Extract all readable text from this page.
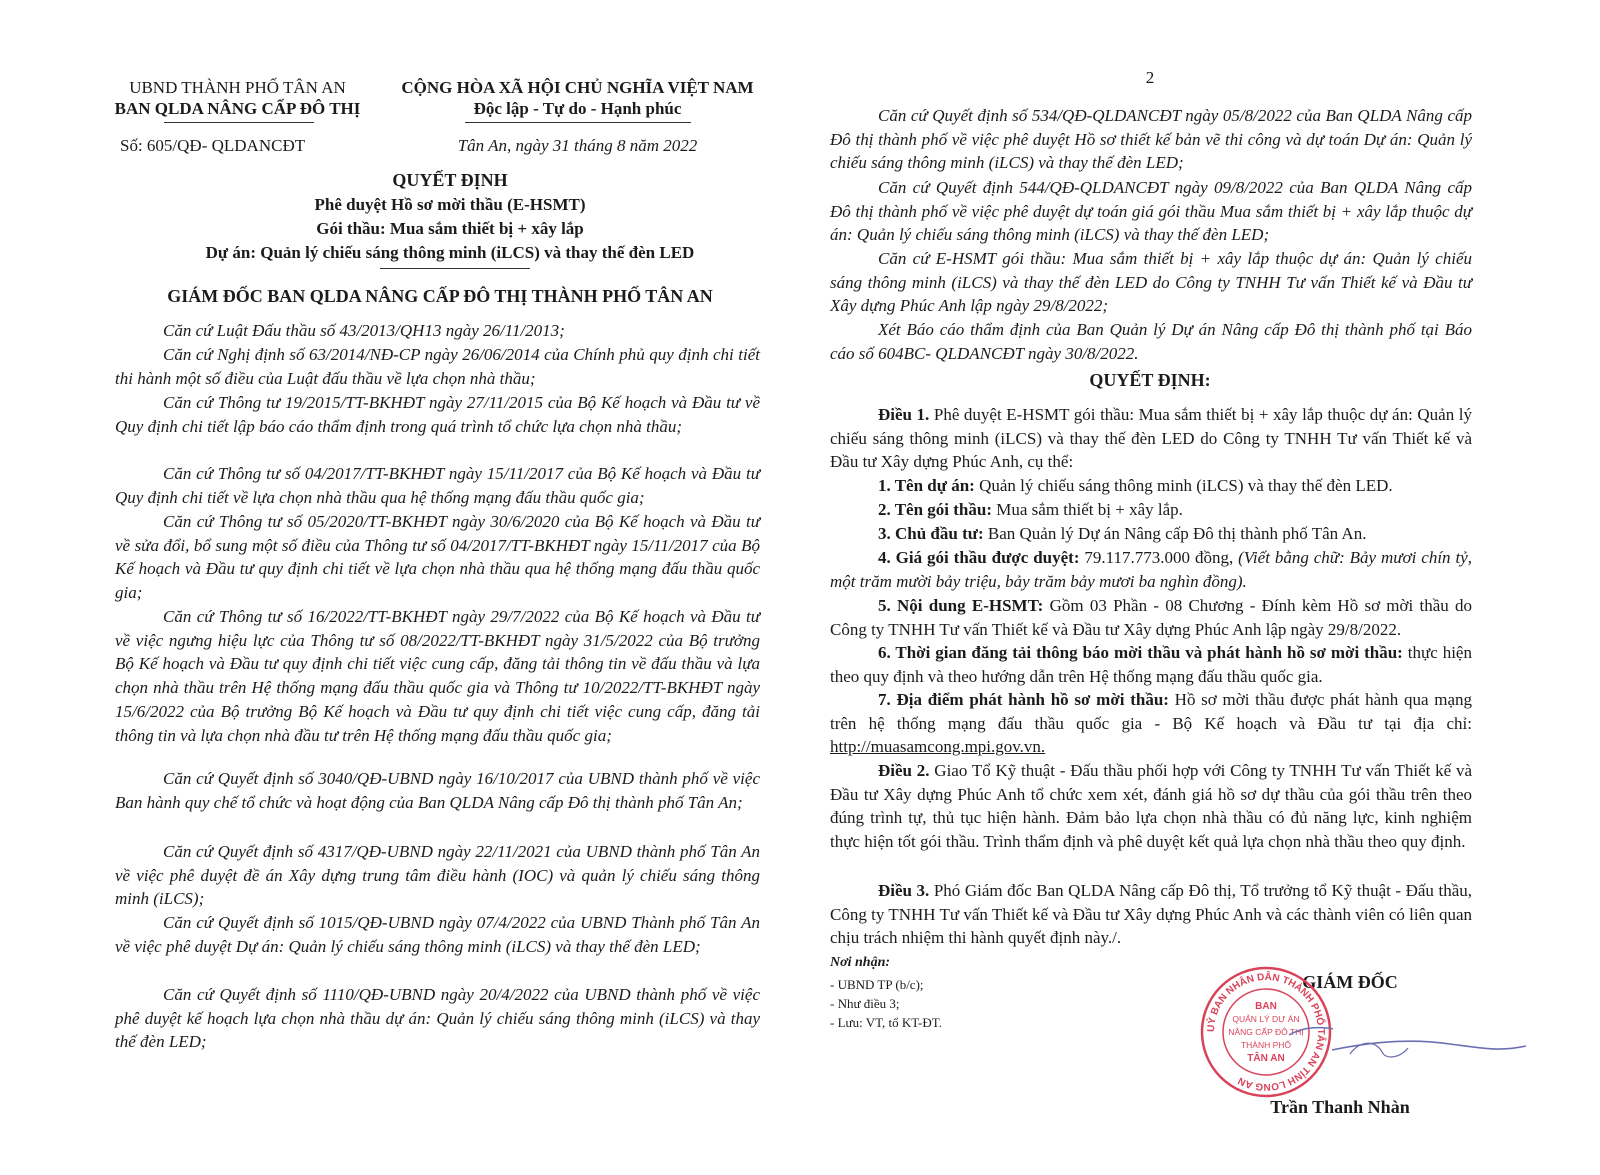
UBND THÀNH PHỐ TÂN AN
BAN QLDA NÂNG CẤP ĐÔ THỊ
Số: 605/QĐ- QLDANCĐT
CỘNG HÒA XÃ HỘI CHỦ NGHĨA VIỆT NAM
Độc lập - Tự do - Hạnh phúc
Tân An, ngày 31 tháng 8 năm 2022
QUYẾT ĐỊNH
Phê duyệt Hồ sơ mời thầu (E-HSMT)
Gói thầu: Mua sắm thiết bị + xây lắp
Dự án: Quản lý chiếu sáng thông minh (iLCS) và thay thế đèn LED
GIÁM ĐỐC BAN QLDA NÂNG CẤP ĐÔ THỊ THÀNH PHỐ TÂN AN
Căn cứ Luật Đấu thầu số 43/2013/QH13 ngày 26/11/2013;
Căn cứ Nghị định số 63/2014/NĐ-CP ngày 26/06/2014 của Chính phủ quy định chi tiết thi hành một số điều của Luật đấu thầu về lựa chọn nhà thầu;
Căn cứ Thông tư 19/2015/TT-BKHĐT ngày 27/11/2015 của Bộ Kế hoạch và Đầu tư về Quy định chi tiết lập báo cáo thẩm định trong quá trình tổ chức lựa chọn nhà thầu;
Căn cứ Thông tư số 04/2017/TT-BKHĐT ngày 15/11/2017 của Bộ Kế hoạch và Đầu tư Quy định chi tiết về lựa chọn nhà thầu qua hệ thống mạng đấu thầu quốc gia;
Căn cứ Thông tư số 05/2020/TT-BKHĐT ngày 30/6/2020 của Bộ Kế hoạch và Đầu tư về sửa đổi, bổ sung một số điều của Thông tư số 04/2017/TT-BKHĐT ngày 15/11/2017 của Bộ Kế hoạch và Đầu tư quy định chi tiết về lựa chọn nhà thầu qua hệ thống mạng đấu thầu quốc gia;
Căn cứ Thông tư số 16/2022/TT-BKHĐT ngày 29/7/2022 của Bộ Kế hoạch và Đầu tư về việc ngưng hiệu lực của Thông tư số 08/2022/TT-BKHĐT ngày 31/5/2022 của Bộ trưởng Bộ Kế hoạch và Đầu tư quy định chi tiết việc cung cấp, đăng tải thông tin về đấu thầu và lựa chọn nhà thầu trên Hệ thống mạng đấu thầu quốc gia và Thông tư 10/2022/TT-BKHĐT ngày 15/6/2022 của Bộ trưởng Bộ Kế hoạch và Đầu tư quy định chi tiết việc cung cấp, đăng tải thông tin và lựa chọn nhà đầu tư trên Hệ thống mạng đấu thầu quốc gia;
Căn cứ Quyết định số 3040/QĐ-UBND ngày 16/10/2017 của UBND thành phố về việc Ban hành quy chế tổ chức và hoạt động của Ban QLDA Nâng cấp Đô thị thành phố Tân An;
Căn cứ Quyết định số 4317/QĐ-UBND ngày 22/11/2021 của UBND thành phố Tân An về việc phê duyệt đề án Xây dựng trung tâm điều hành (IOC) và quản lý chiếu sáng thông minh (iLCS);
Căn cứ Quyết định số 1015/QĐ-UBND ngày 07/4/2022 của UBND Thành phố Tân An về việc phê duyệt Dự án: Quản lý chiếu sáng thông minh (iLCS) và thay thế đèn LED;
Căn cứ Quyết định số 1110/QĐ-UBND ngày 20/4/2022 của UBND thành phố về việc phê duyệt kế hoạch lựa chọn nhà thầu dự án: Quản lý chiếu sáng thông minh (iLCS) và thay thế đèn LED;
2
Căn cứ Quyết định số 534/QĐ-QLDANCĐT ngày 05/8/2022 của Ban QLDA Nâng cấp Đô thị thành phố về việc phê duyệt Hồ sơ thiết kế bản vẽ thi công và dự toán Dự án: Quản lý chiếu sáng thông minh (iLCS) và thay thế đèn LED;
Căn cứ Quyết định 544/QĐ-QLDANCĐT ngày 09/8/2022 của Ban QLDA Nâng cấp Đô thị thành phố về việc phê duyệt dự toán giá gói thầu Mua sắm thiết bị + xây lắp thuộc dự án: Quản lý chiếu sáng thông minh (iLCS) và thay thế đèn LED;
Căn cứ E-HSMT gói thầu: Mua sắm thiết bị + xây lắp thuộc dự án: Quản lý chiếu sáng thông minh (iLCS) và thay thế đèn LED do Công ty TNHH Tư vấn Thiết kế và Đầu tư Xây dựng Phúc Anh lập ngày 29/8/2022;
Xét Báo cáo thẩm định của Ban Quản lý Dự án Nâng cấp Đô thị thành phố tại Báo cáo số 604BC- QLDANCĐT ngày 30/8/2022.
QUYẾT ĐỊNH:
Điều 1. Phê duyệt E-HSMT gói thầu: Mua sắm thiết bị + xây lắp thuộc dự án: Quản lý chiếu sáng thông minh (iLCS) và thay thế đèn LED do Công ty TNHH Tư vấn Thiết kế và Đầu tư Xây dựng Phúc Anh, cụ thể:
1. Tên dự án: Quản lý chiếu sáng thông minh (iLCS) và thay thế đèn LED.
2. Tên gói thầu: Mua sắm thiết bị + xây lắp.
3. Chủ đầu tư: Ban Quản lý Dự án Nâng cấp Đô thị thành phố Tân An.
4. Giá gói thầu được duyệt: 79.117.773.000 đồng, (Viết bằng chữ: Bảy mươi chín tỷ, một trăm mười bảy triệu, bảy trăm bảy mươi ba nghìn đồng).
5. Nội dung E-HSMT: Gồm 03 Phần - 08 Chương - Đính kèm Hồ sơ mời thầu do Công ty TNHH Tư vấn Thiết kế và Đầu tư Xây dựng Phúc Anh lập ngày 29/8/2022.
6. Thời gian đăng tải thông báo mời thầu và phát hành hồ sơ mời thầu: thực hiện theo quy định và theo hướng dẫn trên Hệ thống mạng đấu thầu quốc gia.
7. Địa điểm phát hành hồ sơ mời thầu: Hồ sơ mời thầu được phát hành qua mạng trên hệ thống mạng đấu thầu quốc gia - Bộ Kế hoạch và Đầu tư tại địa chỉ: http://muasamcong.mpi.gov.vn.
Điều 2. Giao Tổ Kỹ thuật - Đấu thầu phối hợp với Công ty TNHH Tư vấn Thiết kế và Đầu tư Xây dựng Phúc Anh tổ chức xem xét, đánh giá hồ sơ dự thầu của gói thầu trên theo đúng trình tự, thủ tục hiện hành. Đảm bảo lựa chọn nhà thầu có đủ năng lực, kinh nghiệm thực hiện tốt gói thầu. Trình thẩm định và phê duyệt kết quả lựa chọn nhà thầu theo quy định.
Điều 3. Phó Giám đốc Ban QLDA Nâng cấp Đô thị, Tổ trưởng tổ Kỹ thuật - Đấu thầu, Công ty TNHH Tư vấn Thiết kế và Đầu tư Xây dựng Phúc Anh và các thành viên có liên quan chịu trách nhiệm thi hành quyết định này./.
Nơi nhận:
- UBND TP (b/c);
- Như điều 3;
- Lưu: VT, tổ KT-ĐT.
GIÁM ĐỐC
Trần Thanh Nhàn
UỶ BAN NHÂN DÂN THÀNH PHỐ TÂN AN TỈNH LONG AN
BAN
QUẢN LÝ DỰ ÁN
NÂNG CẤP ĐÔ THỊ
THÀNH PHỐ
TÂN AN
